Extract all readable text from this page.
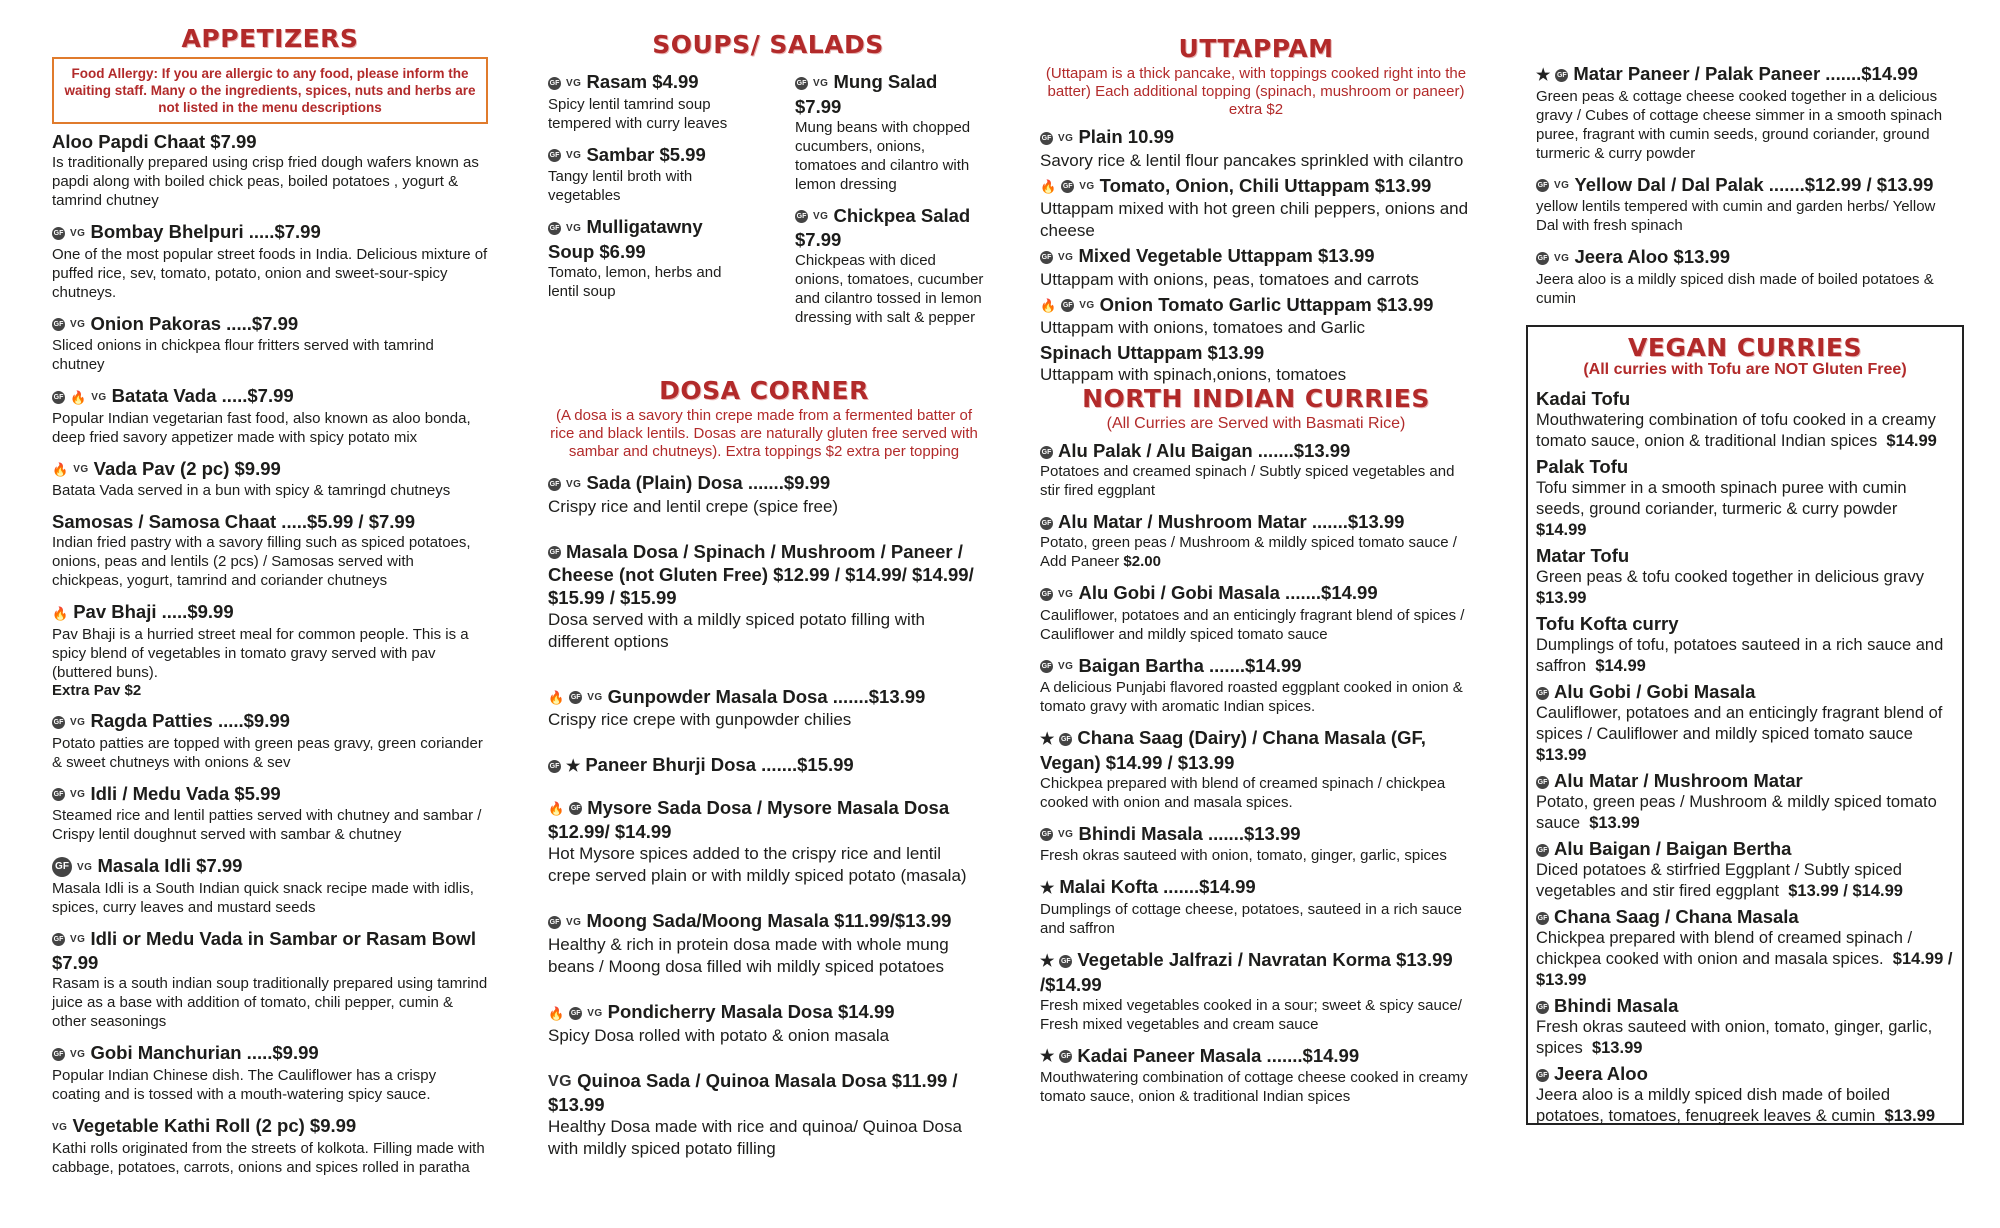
APPETIZERS
Food Allergy: If you are allergic to any food, please inform the waiting staff. Many o the ingredients, spices, nuts and herbs are not listed in the menu descriptions
Aloo Papdi Chaat $7.99
Is traditionally prepared using crisp fried dough wafers known as papdi along with boiled chick peas, boiled potatoes , yogurt & tamrind chutney
GF VG Bombay Bhelpuri .....$7.99
One of the most popular street foods in India. Delicious mixture of puffed rice, sev, tomato, potato, onion and sweet-sour-spicy chutneys.
GF VG Onion Pakoras .....$7.99
Sliced onions in chickpea flour fritters served with tamrind chutney
GF 🔥 VG Batata Vada .....$7.99
Popular Indian vegetarian fast food, also known as aloo bonda, deep fried savory appetizer made with spicy potato mix
🔥 VG Vada Pav (2 pc) $9.99
Batata Vada served in a bun with spicy & tamringd chutneys
Samosas / Samosa Chaat .....$5.99 / $7.99
Indian fried pastry with a savory filling such as spiced potatoes, onions, peas and lentils (2 pcs) / Samosas served with chickpeas, yogurt, tamrind and coriander chutneys
🔥 Pav Bhaji .....$9.99
Pav Bhaji is a hurried street meal for common people. This is a spicy blend of vegetables in tomato gravy served with pav (buttered buns).
Extra Pav $2
GF VG Ragda Patties .....$9.99
Potato patties are topped with green peas gravy, green coriander & sweet chutneys with onions & sev
GF VG Idli / Medu Vada $5.99
Steamed rice and lentil patties served with chutney and sambar / Crispy lentil doughnut served with sambar & chutney
GF VG Masala Idli $7.99
Masala Idli is a South Indian quick snack recipe made with idlis, spices, curry leaves and mustard seeds
GF VG Idli or Medu Vada in Sambar or Rasam Bowl $7.99
Rasam is a south indian soup traditionally prepared using tamrind juice as a base with addition of tomato, chili pepper, cumin & other seasonings
GF VG Gobi Manchurian .....$9.99
Popular Indian Chinese dish. The Cauliflower has a crispy coating and is tossed with a mouth-watering spicy sauce.
VG Vegetable Kathi Roll (2 pc) $9.99
Kathi rolls originated from the streets of kolkota. Filling made with cabbage, potatoes, carrots, onions and spices rolled in paratha
SOUPS/ SALADS
GF VG Rasam $4.99
Spicy lentil tamrind soup tempered with curry leaves
GF VG Sambar $5.99
Tangy lentil broth with vegetables
GF VG Mulligatawny Soup $6.99
Tomato, lemon, herbs and lentil soup
GF VG Mung Salad $7.99
Mung beans with chopped cucumbers, onions, tomatoes and cilantro with lemon dressing
GF VG Chickpea Salad $7.99
Chickpeas with diced onions, tomatoes, cucumber and cilantro tossed in lemon dressing with salt & pepper
DOSA CORNER
(A dosa is a savory thin crepe made from a fermented batter of rice and black lentils. Dosas are naturally gluten free served with sambar and chutneys). Extra toppings $2 extra per topping
GF VG Sada (Plain) Dosa .......$9.99
Crispy rice and lentil crepe (spice free)
GF Masala Dosa / Spinach / Mushroom / Paneer / Cheese (not Gluten Free) $12.99 / $14.99/ $14.99/ $15.99 / $15.99
Dosa served with a mildly spiced potato filling with different options
🔥 GF VG Gunpowder Masala Dosa .......$13.99
Crispy rice crepe with gunpowder chilies
GF ★ Paneer Bhurji Dosa .......$15.99
🔥 GF Mysore Sada Dosa / Mysore Masala Dosa $12.99/ $14.99
Hot Mysore spices added to the crispy rice and lentil crepe served plain or with mildly spiced potato (masala)
GF VG Moong Sada/Moong Masala $11.99/$13.99
Healthy & rich in protein dosa made with whole mung beans / Moong dosa filled wih mildly spiced potatoes
🔥 GF VG Pondicherry Masala Dosa $14.99
Spicy Dosa rolled with potato & onion masala
VG Quinoa Sada / Quinoa Masala Dosa $11.99 / $13.99
Healthy Dosa made with rice and quinoa/ Quinoa Dosa with mildly spiced potato filling
UTTAPPAM
(Uttapam is a thick pancake, with toppings cooked right into the batter) Each additional topping (spinach, mushroom or paneer) extra $2
GF VG Plain 10.99
Savory rice & lentil flour pancakes sprinkled with cilantro
🔥 GF VG Tomato, Onion, Chili Uttappam $13.99
Uttappam mixed with hot green chili peppers, onions and cheese
GF VG Mixed Vegetable Uttappam $13.99
Uttappam with onions, peas, tomatoes and carrots
🔥 GF VG Onion Tomato Garlic Uttappam $13.99
Uttappam with onions, tomatoes and Garlic
Spinach Uttappam $13.99
Uttappam with spinach,onions, tomatoes
NORTH INDIAN CURRIES
(All Curries are Served with Basmati Rice)
GF Alu Palak / Alu Baigan .......$13.99
Potatoes and creamed spinach / Subtly spiced vegetables and stir fired eggplant
GF Alu Matar / Mushroom Matar .......$13.99
Potato, green peas / Mushroom & mildly spiced tomato sauce / Add Paneer $2.00
GF VG Alu Gobi / Gobi Masala .......$14.99
Cauliflower, potatoes and an enticingly fragrant blend of spices / Cauliflower and mildly spiced tomato sauce
GF VG Baigan Bartha .......$14.99
A delicious Punjabi flavored roasted eggplant cooked in onion & tomato gravy with aromatic Indian spices.
★ GF Chana Saag (Dairy) / Chana Masala (GF, Vegan) $14.99 / $13.99
Chickpea prepared with blend of creamed spinach / chickpea cooked with onion and masala spices.
GF VG Bhindi Masala .......$13.99
Fresh okras sauteed with onion, tomato, ginger, garlic, spices
★ Malai Kofta .......$14.99
Dumplings of cottage cheese, potatoes, sauteed in a rich sauce and saffron
★ GF Vegetable Jalfrazi / Navratan Korma $13.99 /$14.99
Fresh mixed vegetables cooked in a sour; sweet & spicy sauce/ Fresh mixed vegetables and cream sauce
★ GF Kadai Paneer Masala .......$14.99
Mouthwatering combination of cottage cheese cooked in creamy tomato sauce, onion & traditional Indian spices
★ GF Matar Paneer / Palak Paneer .......$14.99
Green peas & cottage cheese cooked together in a delicious gravy / Cubes of cottage cheese simmer in a smooth spinach puree, fragrant with cumin seeds, ground coriander, ground turmeric & curry powder
GF VG Yellow Dal / Dal Palak .......$12.99 / $13.99
yellow lentils tempered with cumin and garden herbs/ Yellow Dal with fresh spinach
GF VG Jeera Aloo $13.99
Jeera aloo is a mildly spiced dish made of boiled potatoes & cumin
VEGAN CURRIES
(All curries with Tofu are NOT Gluten Free)
Kadai Tofu
Mouthwatering combination of tofu cooked in a creamy tomato sauce, onion & traditional Indian spices $14.99
Palak Tofu
Tofu simmer in a smooth spinach puree with cumin seeds, ground coriander, turmeric & curry powder  $14.99
Matar Tofu
Green peas & tofu cooked together in delicious gravy  $13.99
Tofu Kofta curry
Dumplings of tofu, potatoes sauteed in a rich sauce and saffron $14.99
GF Alu Gobi / Gobi Masala
Cauliflower, potatoes and an enticingly fragrant blend of spices / Cauliflower and mildly spiced tomato sauce  $13.99
GF Alu Matar / Mushroom Matar
Potato, green peas / Mushroom & mildly spiced tomato sauce $13.99
GF Alu Baigan / Baigan Bertha
Diced potatoes & stirfried Eggplant / Subtly spiced vegetables and stir fired eggplant $13.99 / $14.99
GF Chana Saag / Chana Masala
Chickpea prepared with blend of creamed spinach / chickpea cooked with onion and masala spices. $14.99 / $13.99
GF Bhindi Masala
Fresh okras sauteed with onion, tomato, ginger, garlic, spices $13.99
GF Jeera Aloo
Jeera aloo is a mildly spiced dish made of boiled potatoes, tomatoes, fenugreek leaves & cumin $13.99
